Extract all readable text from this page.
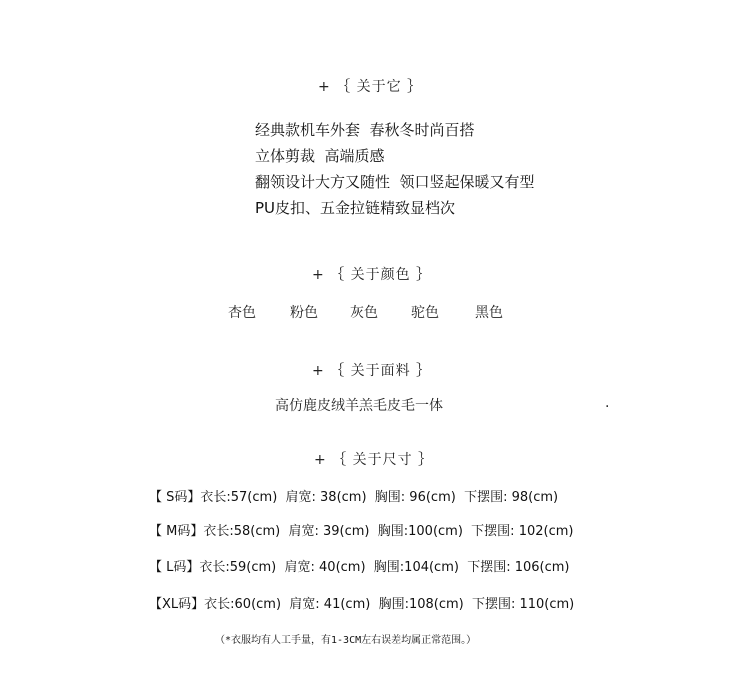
+ ｛ 关于它 ｝
经典款机车外套  春秋冬时尚百搭
立体剪裁  高端质感
翻领设计大方又随性  领口竖起保暖又有型
PU皮扣、五金拉链精致显档次
+ ｛ 关于颜色 ｝
杏色 粉色 灰色 驼色	黑色
+ ｛ 关于面料 ｝
高仿鹿皮绒羊羔毛皮毛一体	.
+ ｛ 关于尺寸 ｝
【 S码】衣长:57(cm)  肩宽: 38(cm)  胸围: 96(cm)  下摆围: 98(cm)
【 M码】衣长:58(cm)  肩宽: 39(cm)  胸围:100(cm)  下摆围: 102(cm)
【 L码】衣长:59(cm)  肩宽: 40(cm)  胸围:104(cm)  下摆围: 106(cm)
【XL码】衣长:60(cm)  肩宽: 41(cm)  胸围:108(cm)  下摆围: 110(cm)
（*衣服均有人工手量，有1-3CM左右误差均属正常范围。）
